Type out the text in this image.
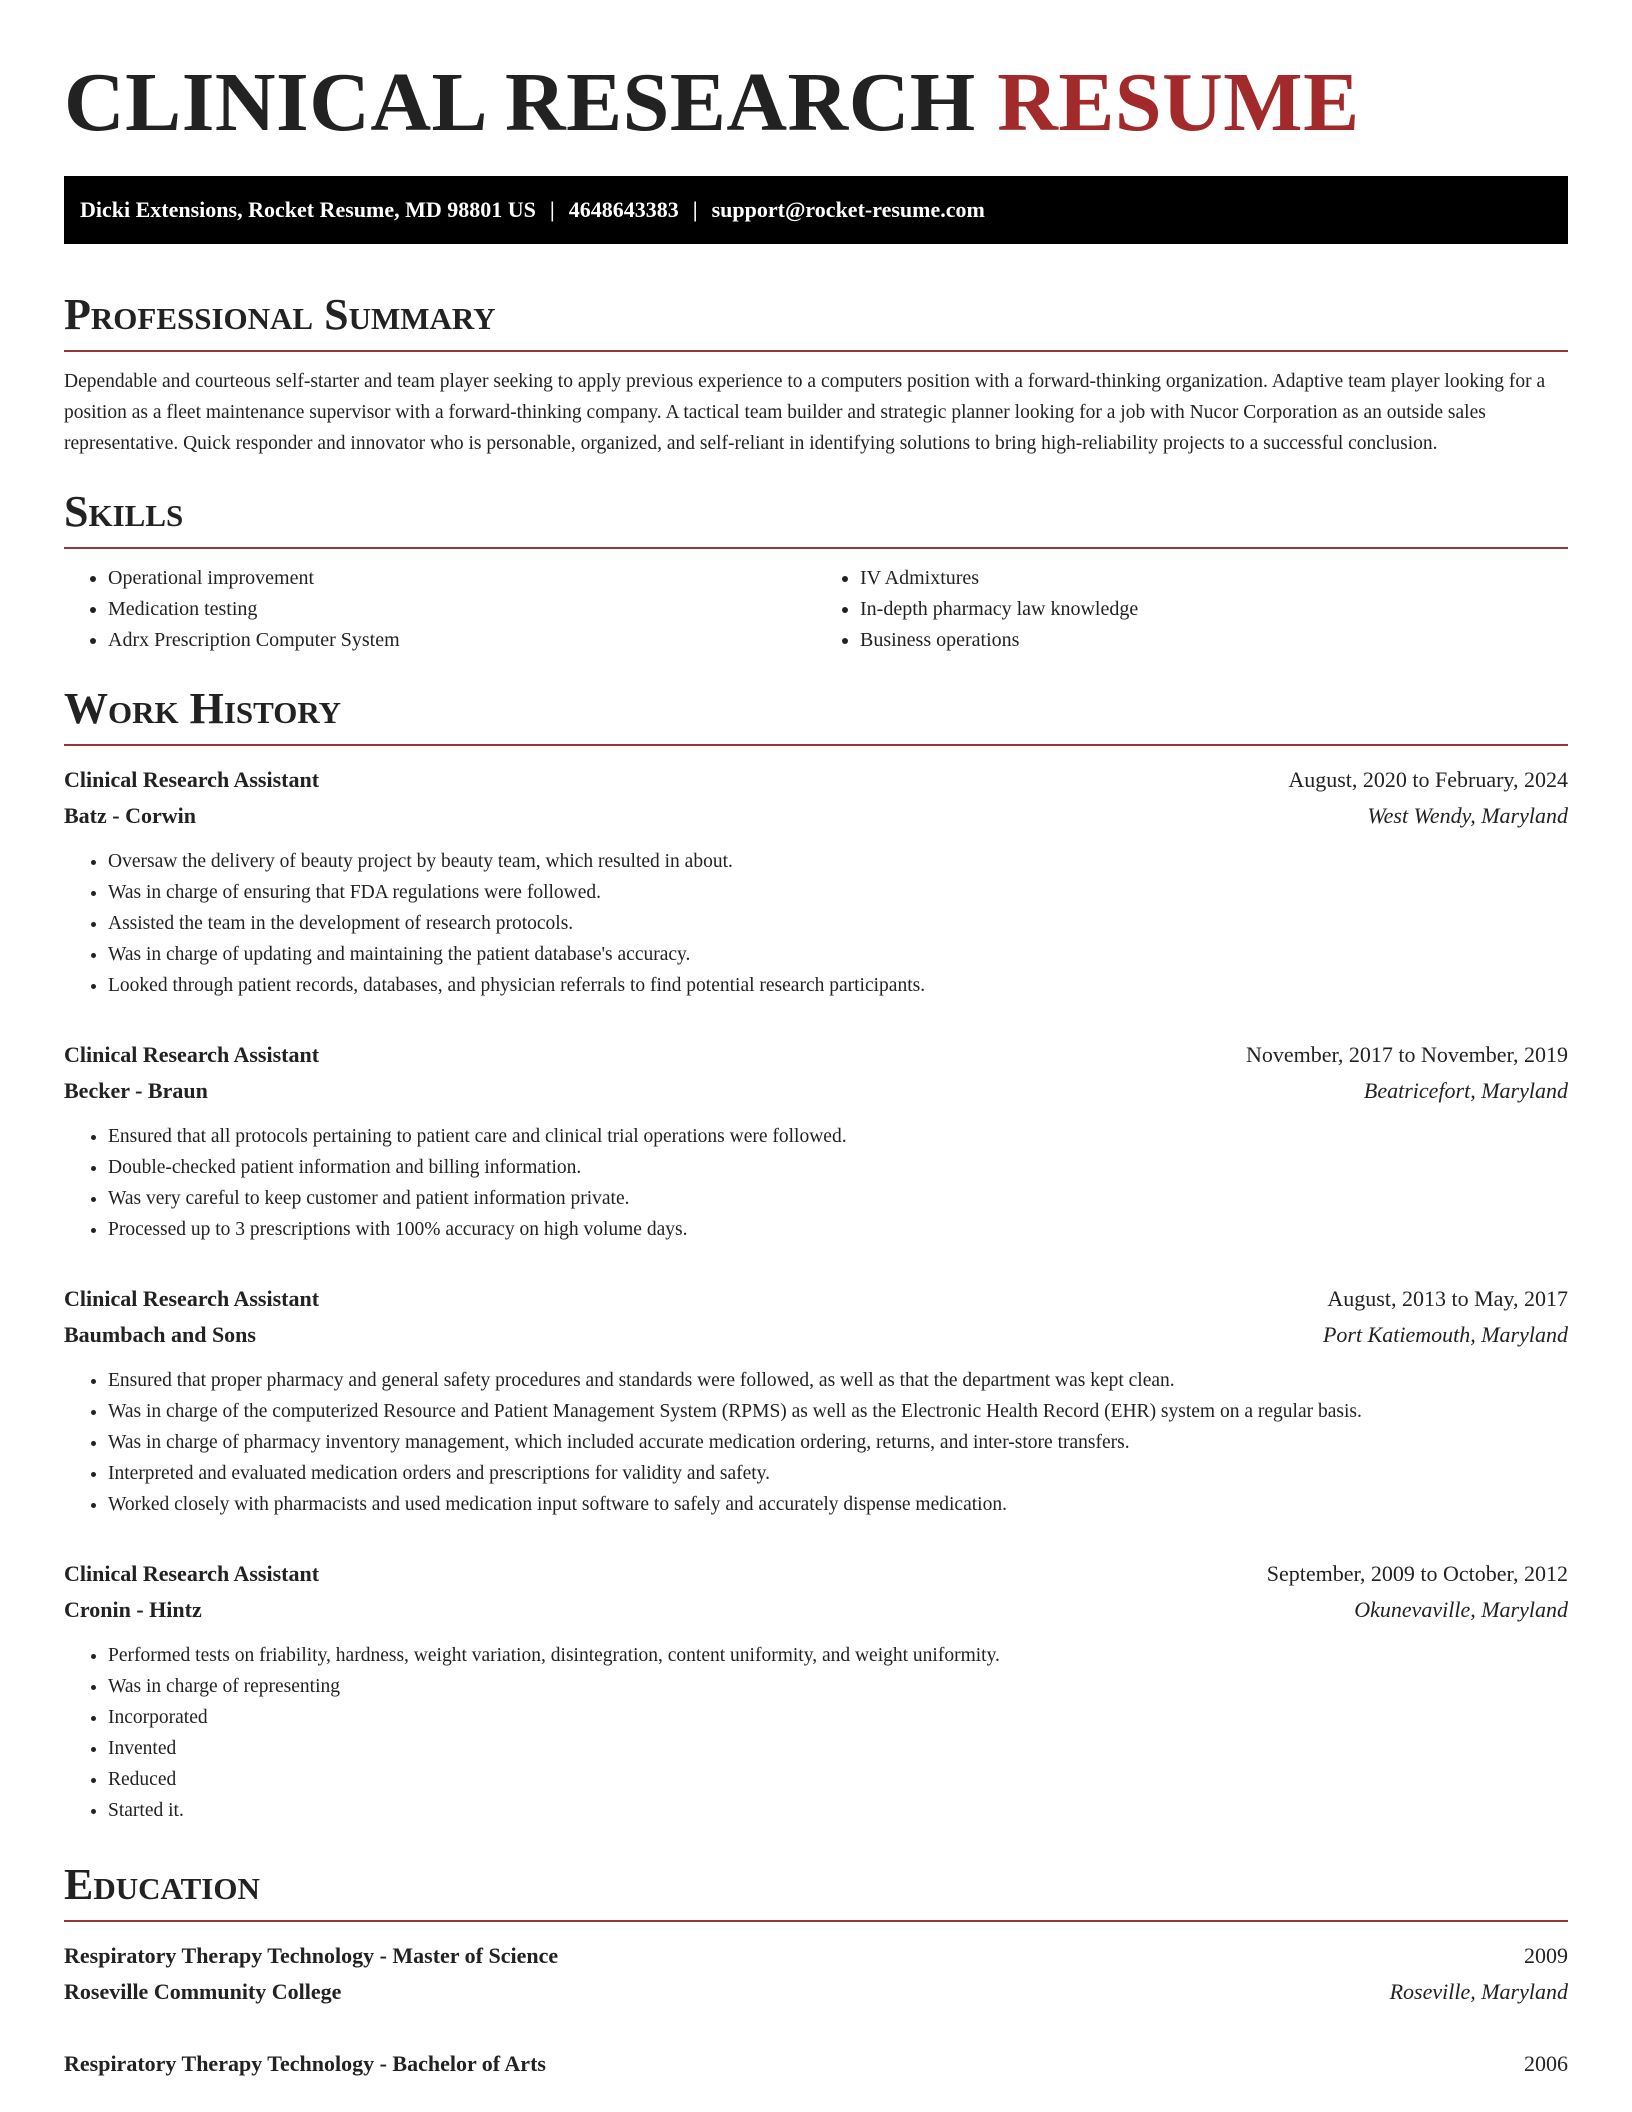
CLINICAL RESEARCH RESUME
Dicki Extensions, Rocket Resume, MD 98801 US | 4648643383 | support@rocket-resume.com
Professional Summary

Dependable and courteous self-starter and team player seeking to apply previous experience to a computers position with a forward-thinking organization. Adaptive team player looking for a position as a fleet maintenance supervisor with a forward-thinking company. A tactical team builder and strategic planner looking for a job with Nucor Corporation as an outside sales representative. Quick responder and innovator who is personable, organized, and self-reliant in identifying solutions to bring high-reliability projects to a successful conclusion.

Skills
• Operational improvement
• Medication testing
• Adrx Prescription Computer System
• IV Admixtures
• In-depth pharmacy law knowledge
• Business operations
Work History
Clinical Research Assistant	August, 2020 to February, 2024
Batz - Corwin	West Wendy, Maryland
• Oversaw the delivery of beauty project by beauty team, which resulted in about.
• Was in charge of ensuring that FDA regulations were followed.
• Assisted the team in the development of research protocols.
• Was in charge of updating and maintaining the patient database's accuracy.
• Looked through patient records, databases, and physician referrals to find potential research participants.
Clinical Research Assistant	November, 2017 to November, 2019
Becker - Braun	Beatricefort, Maryland
• Ensured that all protocols pertaining to patient care and clinical trial operations were followed.
• Double-checked patient information and billing information.
• Was very careful to keep customer and patient information private.
• Processed up to 3 prescriptions with 100% accuracy on high volume days.
Clinical Research Assistant	August, 2013 to May, 2017
Baumbach and Sons	Port Katiemouth, Maryland
• Ensured that proper pharmacy and general safety procedures and standards were followed, as well as that the department was kept clean.
• Was in charge of the computerized Resource and Patient Management System (RPMS) as well as the Electronic Health Record (EHR) system on a regular basis.
• Was in charge of pharmacy inventory management, which included accurate medication ordering, returns, and inter-store transfers.
• Interpreted and evaluated medication orders and prescriptions for validity and safety.
• Worked closely with pharmacists and used medication input software to safely and accurately dispense medication.
Clinical Research Assistant	September, 2009 to October, 2012
Cronin - Hintz	Okunevaville, Maryland
• Performed tests on friability, hardness, weight variation, disintegration, content uniformity, and weight uniformity.
• Was in charge of representing
• Incorporated
• Invented
• Reduced
• Started it.
Education
Respiratory Therapy Technology - Master of Science	2009
Roseville Community College	Roseville, Maryland
Respiratory Therapy Technology - Bachelor of Arts	2006
